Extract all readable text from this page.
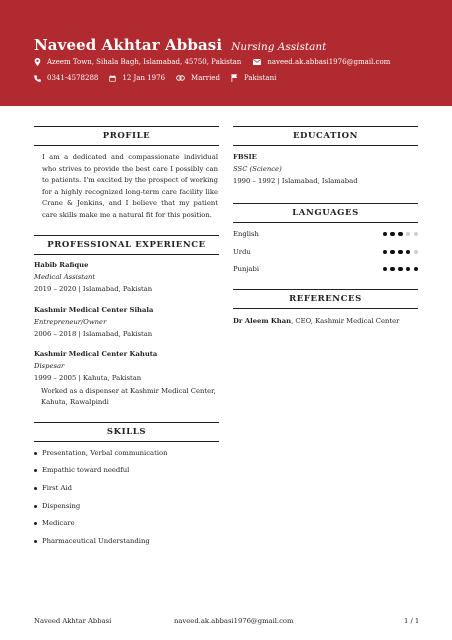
Naveed Akhtar Abbasi Nursing Assistant
Azeem Town, Sihala Bagh, Islamabad, 45750, Pakistan	naveed.ak.abbasi1976@gmail.com
0341-4578288	12 Jan 1976	Married	Pakistani
PROFILE
I am a dedicated and compassionate individual who strives to provide the best care I possibly can to patients. I'm excited by the prospect of working for a highly recognized long-term care facility like Crane & Jenkins, and I believe that my patient care skills make me a natural fit for this position.
PROFESSIONAL EXPERIENCE
Habib Rafique
Medical Assistant
2019 – 2020 | Islamabad, Pakistan
Kashmir Medical Center Sihala
Entrepreneur/Owner
2006 – 2018 | Islamabad, Pakistan
Kashmir Medical Center Kahuta
Dispesar
1999 – 2005 | Kahuta, Pakistan
Worked as a dispenser at Kashmir Medical Center,
Kahuta, Rawalpindi
SKILLS
Presentation, Verbal communication
Empathic toward needful
First Aid
Dispensing
Medicare
Pharmaceutical Understanding
EDUCATION
FBSIE
SSC (Science)
1990 – 1992 | Islamabad, Islamabad
LANGUAGES
English
Urdu
Punjabi
REFERENCES
Dr Aleem Khan, CEO, Kashmir Medical Center
Naveed Akhtar Abbasi	naveed.ak.abbasi1976@gmail.com	1 / 1
